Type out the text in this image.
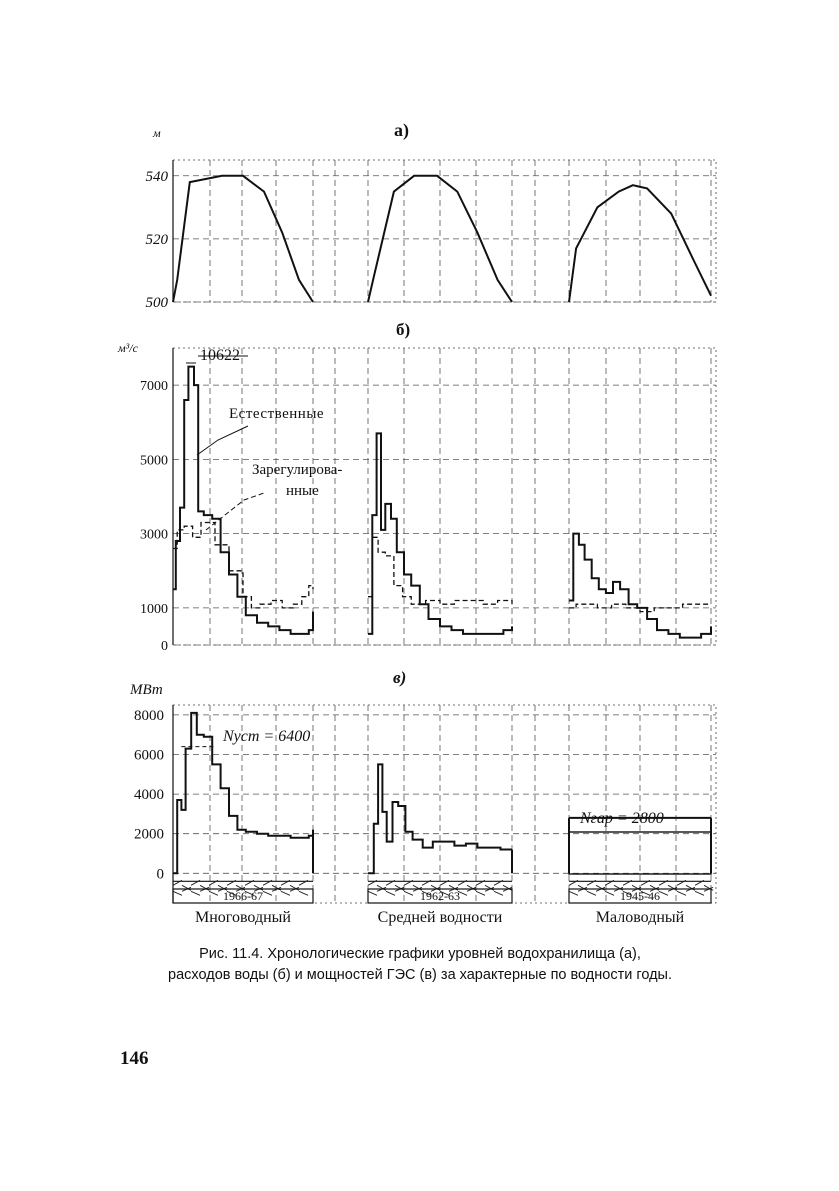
а)
м
500
520
540
б)
м³/с
0
1000
3000
5000
7000
10622
Естественные
Зарегулирова-
нные
в)
МВт
0
2000
4000
6000
8000
Nуст = 6400
Nгар = 2800
1966-67	1962-63	1945-46
Многоводный	Средней водности	Маловодный
Рис. 11.4. Хронологические графики уровней водохранилища (а),
расходов воды (б) и мощностей ГЭС (в) за характерные по водности годы.
146
